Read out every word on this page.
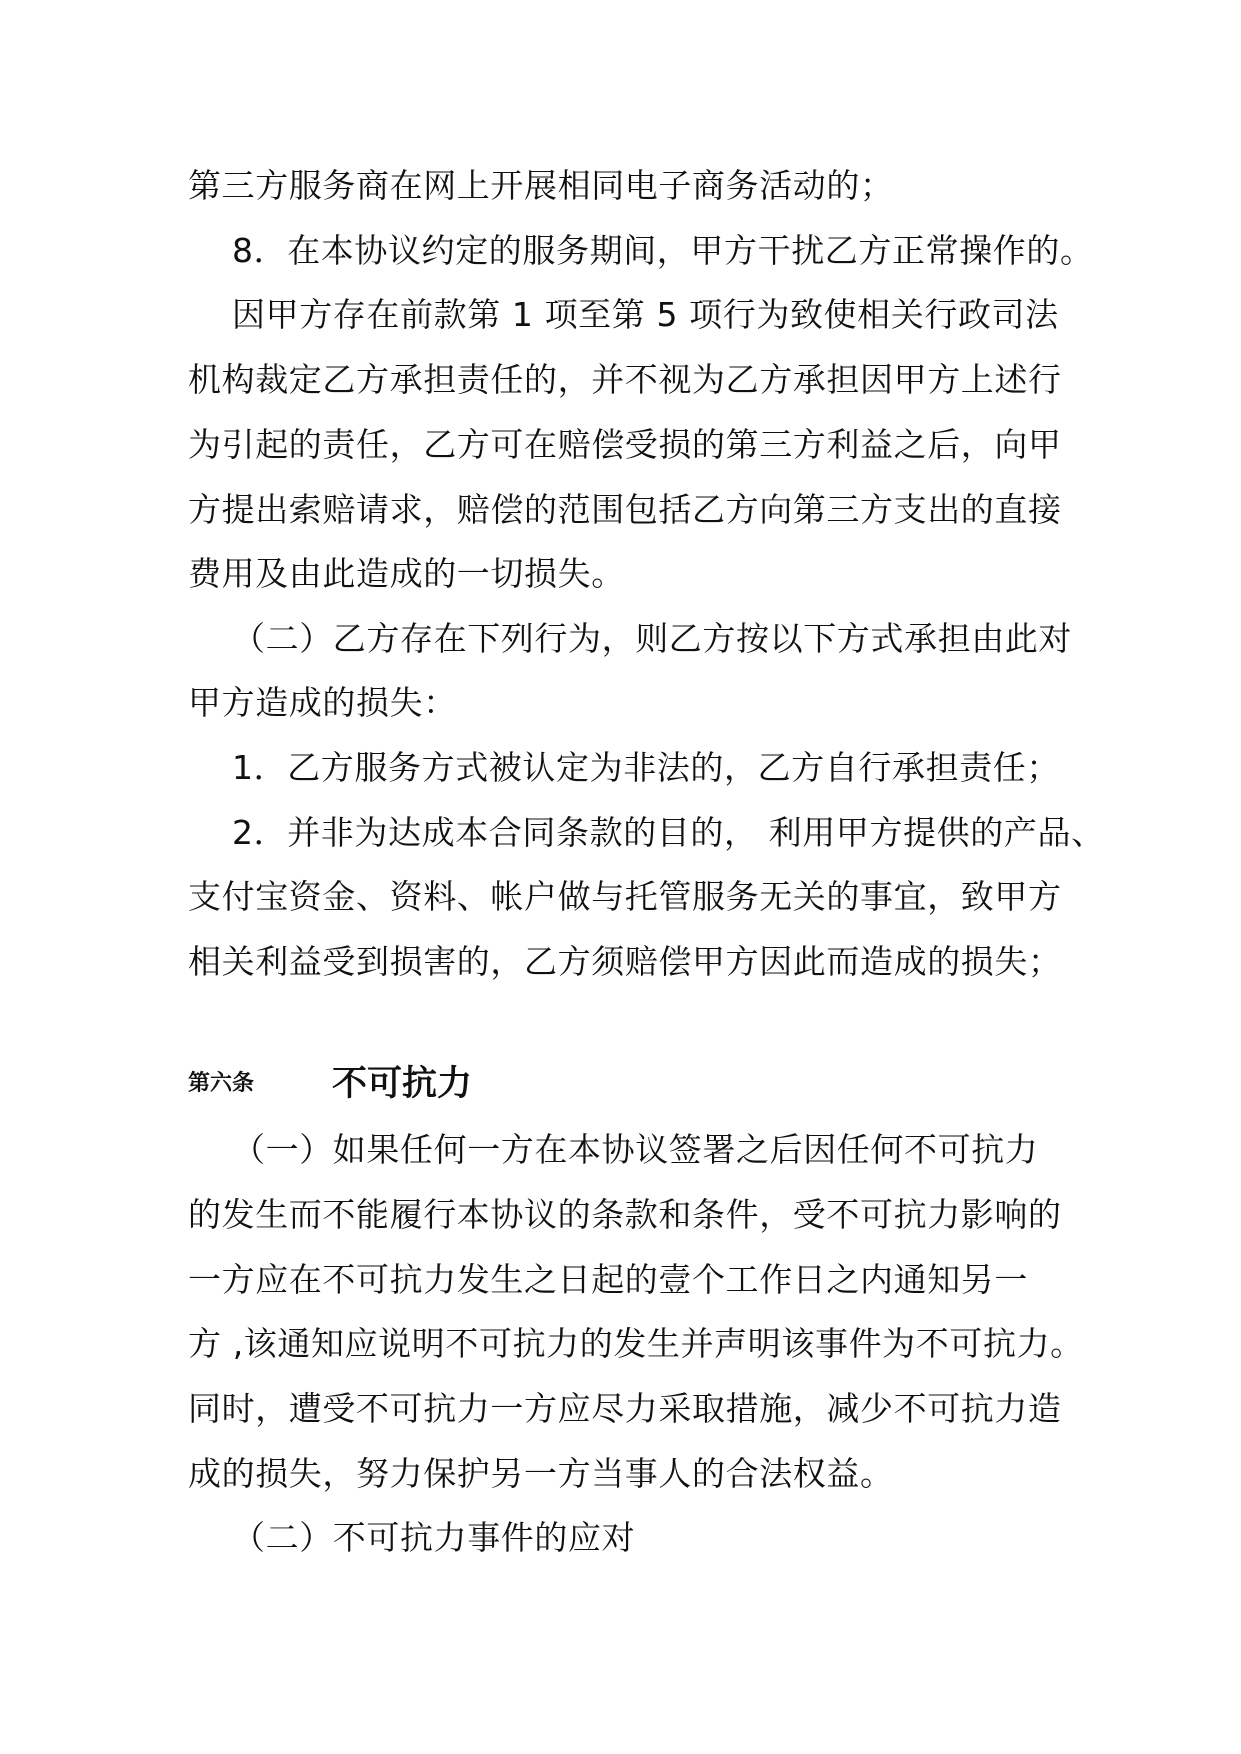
第三方服务商在网上开展相同电子商务活动的；
8．在本协议约定的服务期间，甲方干扰乙方正常操作的。
因甲方存在前款第 1 项至第 5 项行为致使相关行政司法
机构裁定乙方承担责任的，并不视为乙方承担因甲方上述行
为引起的责任，乙方可在赔偿受损的第三方利益之后，向甲
方提出索赔请求，赔偿的范围包括乙方向第三方支出的直接
费用及由此造成的一切损失。
（二）乙方存在下列行为，则乙方按以下方式承担由此对
甲方造成的损失：
1．乙方服务方式被认定为非法的，乙方自行承担责任；
2．并非为达成本合同条款的目的， 利用甲方提供的产品、
支付宝资金、资料、帐户做与托管服务无关的事宜，致甲方
相关利益受到损害的，乙方须赔偿甲方因此而造成的损失；
第六条 不可抗力
（一）如果任何一方在本协议签署之后因任何不可抗力
的发生而不能履行本协议的条款和条件，受不可抗力影响的
一方应在不可抗力发生之日起的壹个工作日之内通知另一
方 ,该通知应说明不可抗力的发生并声明该事件为不可抗力。
同时，遭受不可抗力一方应尽力采取措施，减少不可抗力造
成的损失，努力保护另一方当事人的合法权益。
（二）不可抗力事件的应对
